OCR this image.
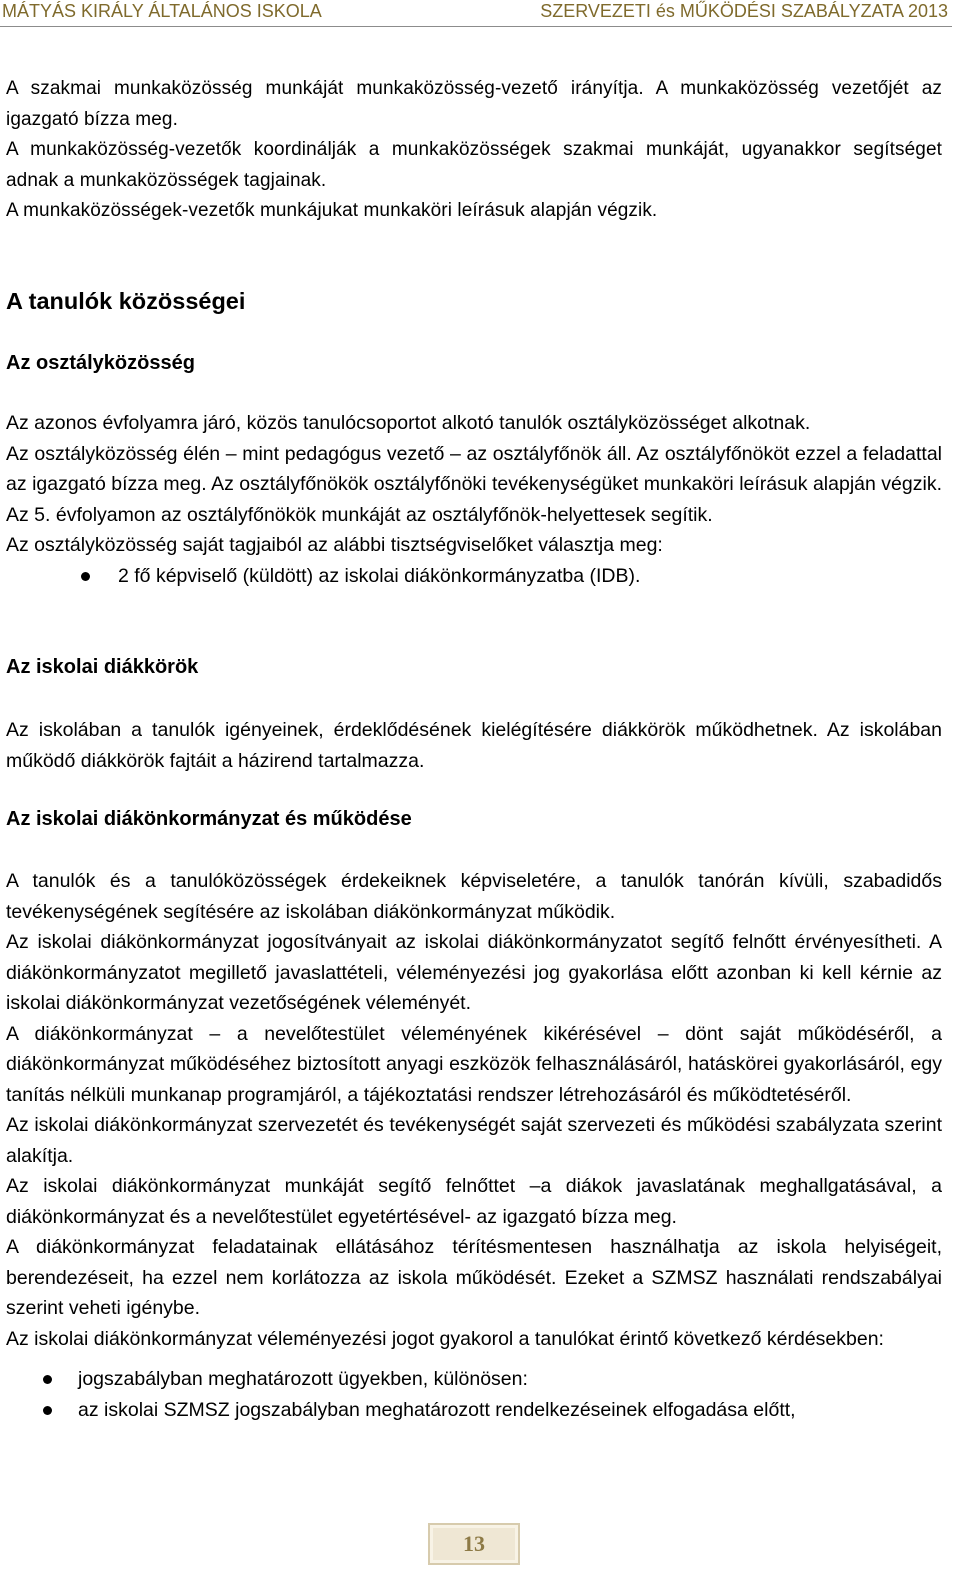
MÁTYÁS KIRÁLY ÁLTALÁNOS ISKOLA	SZERVEZETI és MŰKÖDÉSI SZABÁLYZATA 2013

A szakmai munkaközösség munkáját munkaközösség-vezető irányítja. A munkaközösség vezetőjét az igazgató bízza meg.

A munkaközösség-vezetők koordinálják a munkaközösségek szakmai munkáját, ugyanakkor segítséget adnak a munkaközösségek tagjainak.

A munkaközösségek-vezetők munkájukat munkaköri leírásuk alapján végzik.

A tanulók közösségei
Az osztályközösség

Az azonos évfolyamra járó, közös tanulócsoportot alkotó tanulók osztályközösséget alkotnak.

Az osztályközösség élén – mint pedagógus vezető – az osztályfőnök áll. Az osztályfőnököt ezzel a feladattal az igazgató bízza meg. Az osztályfőnökök osztályfőnöki tevékenységüket munkaköri leírásuk alapján végzik. Az 5. évfolyamon az osztályfőnökök munkáját az osztályfőnök-helyettesek segítik.

Az osztályközösség saját tagjaiból az alábbi tisztségviselőket választja meg:

2 fő képviselő (küldött) az iskolai diákönkormányzatba (IDB).
Az iskolai diákkörök

Az iskolában a tanulók igényeinek, érdeklődésének kielégítésére diákkörök működhetnek. Az iskolában működő diákkörök fajtáit a házirend tartalmazza.

Az iskolai diákönkormányzat és működése

A tanulók és a tanulóközösségek érdekeiknek képviseletére, a tanulók tanórán kívüli, szabadidős tevékenységének segítésére az iskolában diákönkormányzat működik.

Az iskolai diákönkormányzat jogosítványait az iskolai diákönkormányzatot segítő felnőtt érvényesítheti. A diákönkormányzatot megillető javaslattételi, véleményezési jog gyakorlása előtt azonban ki kell kérnie az iskolai diákönkormányzat vezetőségének véleményét.

A diákönkormányzat – a nevelőtestület véleményének kikérésével – dönt saját működéséről, a diákönkormányzat működéséhez biztosított anyagi eszközök felhasználásáról, hatáskörei gyakorlásáról, egy tanítás nélküli munkanap programjáról, a tájékoztatási rendszer létrehozásáról és működtetéséről.

Az iskolai diákönkormányzat szervezetét és tevékenységét saját szervezeti és működési szabályzata szerint alakítja.

Az iskolai diákönkormányzat munkáját segítő felnőttet –a diákok javaslatának meghallgatásával, a diákönkormányzat és a nevelőtestület egyetértésével- az igazgató bízza meg.

A diákönkormányzat feladatainak ellátásához térítésmentesen használhatja az iskola helyiségeit, berendezéseit, ha ezzel nem korlátozza az iskola működését. Ezeket a SZMSZ használati rendszabályai szerint veheti igénybe.

Az iskolai diákönkormányzat véleményezési jogot gyakorol a tanulókat érintő következő kérdésekben:

jogszabályban meghatározott ügyekben, különösen:
az iskolai SZMSZ jogszabályban meghatározott rendelkezéseinek elfogadása előtt,
13
